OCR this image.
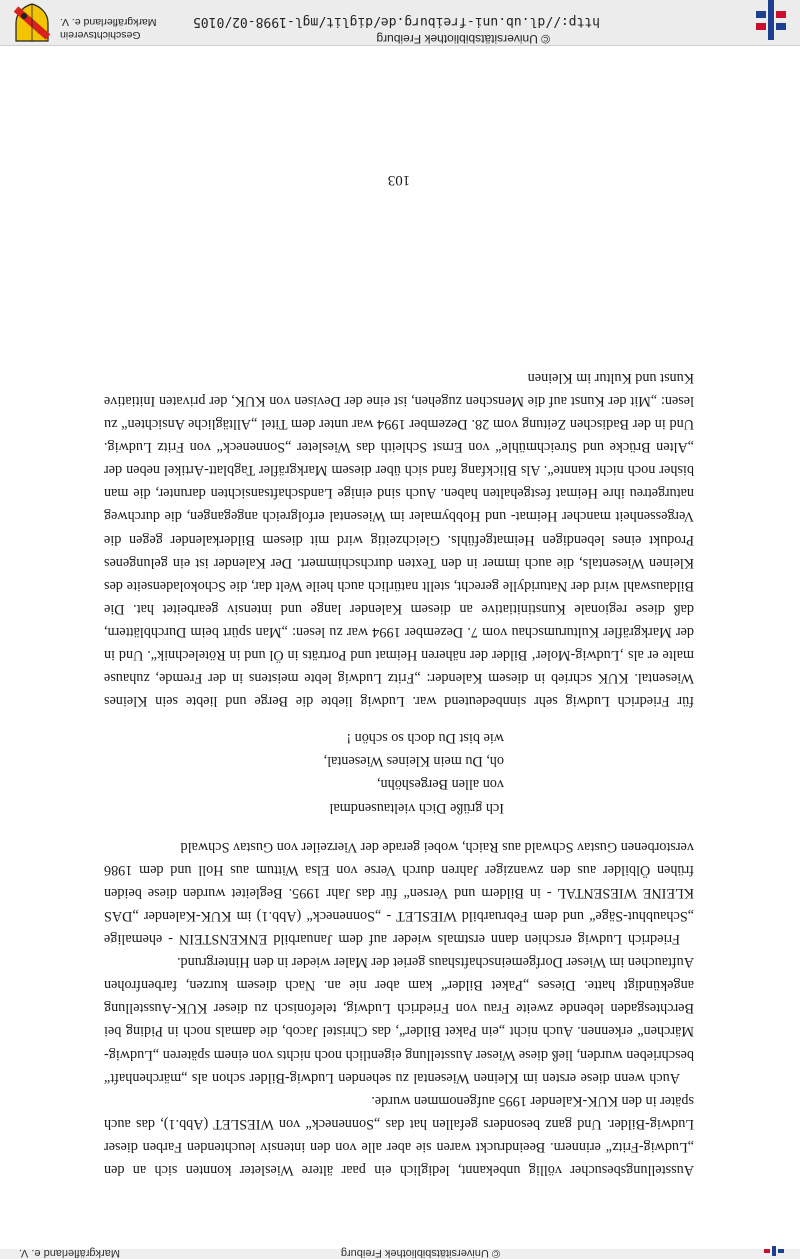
© Universitätsbibliothek Freiburg
Markgräflerland e. V.

Ausstellungsbesucher völlig unbekannt, lediglich ein paar ältere Wiesleter konnten sich an den „Ludwig-Fritz“ erinnern. Beeindruckt waren sie aber alle von den intensiv leuchtenden Farben dieser Ludwig-Bilder. Und ganz besonders gefallen hat das „Sonneneck“ von WIESLET (Abb.1), das auch später in den KUK-Kalender 1995 aufgenommen wurde.

Auch wenn diese ersten im Kleinen Wiesental zu sehenden Ludwig-Bilder schon als „märchenhaft“ beschrieben wurden, ließ diese Wieser Ausstellung eigentlich noch nichts von einem späteren „Ludwig-Märchen“ erkennen. Auch nicht „ein Paket Bilder“, das Christel Jacob, die damals noch in Piding bei Berchtesgaden lebende zweite Frau von Friedrich Ludwig, telefonisch zu dieser KUK-Ausstellung angekündigt hatte. Dieses „Paket Bilder“ kam aber nie an. Nach diesem kurzen, farbenfrohen Auftauchen im Wieser Dorfgemeinschaftshaus geriet der Maler wieder in den Hintergrund.

Friedrich Ludwig erschien dann erstmals wieder auf dem Januarbild ENKENSTEIN - ehemalige „Schaubhut-Säge“ und dem Februarbild WIESLET - „Sonneneck“ (Abb.1) im KUK-Kalender „DAS KLEINE WIESENTAL - in Bildern und Versen“ für das Jahr 1995. Begleitet wurden diese beiden frühen Ölbilder aus den zwanziger Jahren durch Verse von Elsa Wittum aus Holl und dem 1986 verstorbenen Gustav Schwald aus Raich, wobei gerade der Vierzeiler von Gustav Schwald

Ich grüße Dich vieltausendmal
von allen Bergeshöhn,
oh, Du mein Kleines Wiesental,
wie bist Du doch so schön !

für Friedrich Ludwig sehr sinnbedeutend war. Ludwig liebte die Berge und liebte sein Kleines Wiesental. KUK schrieb in diesem Kalender: „Fritz Ludwig lebte meistens in der Fremde, zuhause malte er als ‚Ludwig-Moler‘ Bilder der näheren Heimat und Porträts in Öl und in Rötelechnik“. Und in der Markgräfler Kulturumschau vom 7. Dezember 1994 war zu lesen: „Man spürt beim Durchblättern, daß diese regionale Kunstinitiative an diesem Kalender lange und intensiv gearbeitet hat. Die Bildauswahl wird der Naturidylle gerecht, stellt natürlich auch heile Welt dar, die Schokoladenseite des Kleinen Wiesentals, die auch immer in den Texten durchschimmert. Der Kalender ist ein gelungenes Produkt eines lebendigen Heimatgefühls. Gleichzeitig wird mit diesem Bilderkalender gegen die Vergessenheit mancher Heimat- und Hobbymaler im Wiesental erfolgreich angegangen, die durchweg naturgetreu ihre Heimat festgehalten haben. Auch sind einige Landschaftsansichten darunter, die man bisher noch nicht kannte“. Als Blickfang fand sich über diesem Markgräfler Tagblatt-Artikel neben der „Alten Brücke und Streichmühle“ von Ernst Schleith das Wiesleter „Sonneneck“ von Fritz Ludwig. Und in der Badischen Zeitung vom 28. Dezember 1994 war unter dem Titel „Alltägliche Ansichten“ zu lesen: „Mit der Kunst auf die Menschen zugehen, ist eine der Devisen von KUK, der privaten Initiative Kunst und Kultur im Kleinen

103
Geschichtsverein
Markgräflerland e. V.
© Universitätsbibliothek Freiburg
http://dl.ub.uni-freiburg.de/diglit/mgl-1998-02/0105
